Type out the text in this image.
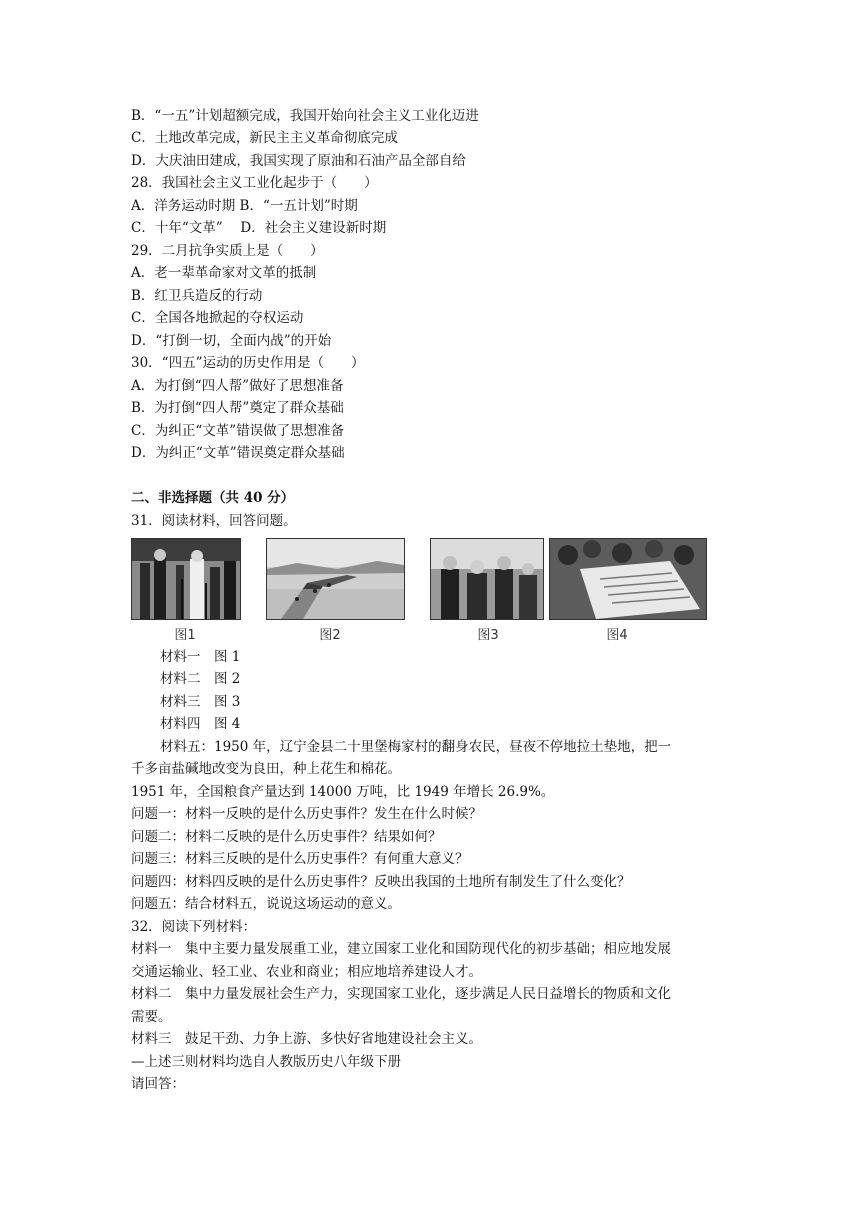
B．“一五”计划超额完成，我国开始向社会主义工业化迈进
C．土地改革完成，新民主主义革命彻底完成
D．大庆油田建成，我国实现了原油和石油产品全部自给
28．我国社会主义工业化起步于（　　）
A．洋务运动时期 B．“一五计划”时期
C．十年“文革”　 D．社会主义建设新时期
29．二月抗争实质上是（　　）
A．老一辈革命家对文革的抵制
B．红卫兵造反的行动
C．全国各地掀起的夺权运动
D．“打倒一切，全面内战”的开始
30．“四五”运动的历史作用是（　　）
A．为打倒“四人帮”做好了思想准备
B．为打倒“四人帮”奠定了群众基础
C．为纠正“文革”错误做了思想准备
D．为纠正“文革”错误奠定群众基础
二、非选择题（共 40 分）
31．阅读材料，回答问题。
图1	图2	图3	图4
材料一　图 1
材料二　图 2
材料三　图 3
材料四　图 4
材料五：1950 年，辽宁金县二十里堡梅家村的翻身农民，昼夜不停地拉土垫地，把一
千多亩盐碱地改变为良田，种上花生和棉花。
1951 年，全国粮食产量达到 14000 万吨，比 1949 年增长 26.9%。
问题一：材料一反映的是什么历史事件？发生在什么时候？
问题二：材料二反映的是什么历史事件？结果如何？
问题三：材料三反映的是什么历史事件？有何重大意义？
问题四：材料四反映的是什么历史事件？反映出我国的土地所有制发生了什么变化？
问题五：结合材料五，说说这场运动的意义。
32．阅读下列材料：
材料一　集中主要力量发展重工业，建立国家工业化和国防现代化的初步基础；相应地发展
交通运输业、轻工业、农业和商业；相应地培养建设人才。
材料二　集中力量发展社会生产力，实现国家工业化，逐步满足人民日益增长的物质和文化
需要。
材料三　鼓足干劲、力争上游、多快好省地建设社会主义。
—上述三则材料均选自人教版历史八年级下册
请回答：
